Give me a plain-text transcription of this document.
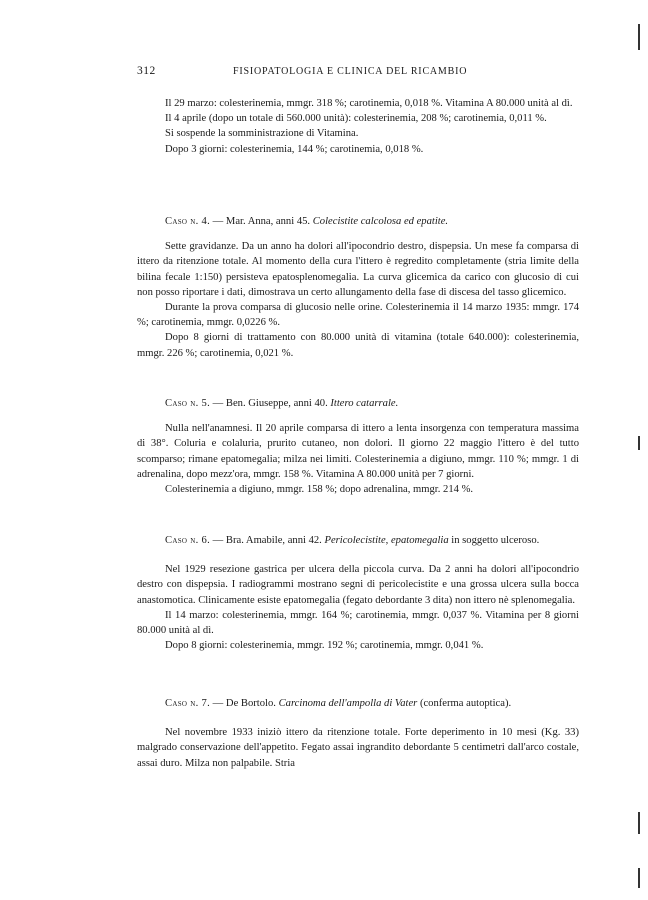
312	FISIOPATOLOGIA E CLINICA DEL RICAMBIO

Il 29 marzo: colesterinemia, mmgr. 318 %; carotinemia, 0,018 %. Vitamina A 80.000 unità al dì.

Il 4 aprile (dopo un totale di 560.000 unità): colesterinemia, 208 %; carotinemia, 0,011 %.

Si sospende la somministrazione di Vitamina.

Dopo 3 giorni: colesterinemia, 144 %; carotinemia, 0,018 %.

Caso n. 4. — Mar. Anna, anni 45. Colecistite calcolosa ed epatite.

Sette gravidanze. Da un anno ha dolori all'ipocondrio destro, dispepsia. Un mese fa comparsa di ittero da ritenzione totale. Al momento della cura l'ittero è regredito completamente (stria limite della bilina fecale 1:150) persisteva epatosplenomegalia. La curva glicemica da carico con glucosio di cui non posso riportare i dati, dimostrava un certo allungamento della fase di discesa del tasso glicemico.

Durante la prova comparsa di glucosio nelle orine. Colesterinemia il 14 marzo 1935: mmgr. 174 %; carotinemia, mmgr. 0,0226 %.

Dopo 8 giorni di trattamento con 80.000 unità di vitamina (totale 640.000): colesterinemia, mmgr. 226 %; carotinemia, 0,021 %.

Caso n. 5. — Ben. Giuseppe, anni 40. Ittero catarrale.

Nulla nell'anamnesi. Il 20 aprile comparsa di ittero a lenta insorgenza con temperatura massima di 38°. Coluria e colaluria, prurito cutaneo, non dolori. Il giorno 22 maggio l'ittero è del tutto scomparso; rimane epatomegalia; milza nei limiti. Colesterinemia a digiuno, mmgr. 110 %; mmgr. 1 di adrenalina, dopo mezz'ora, mmgr. 158 %. Vitamina A 80.000 unità per 7 giorni.

Colesterinemia a digiuno, mmgr. 158 %; dopo adrenalina, mmgr. 214 %.

Caso n. 6. — Bra. Amabile, anni 42. Pericolecistite, epatomegalia in soggetto ulceroso.

Nel 1929 resezione gastrica per ulcera della piccola curva. Da 2 anni ha dolori all'ipocondrio destro con dispepsia. I radiogrammi mostrano segni di pericolecistite e una grossa ulcera sulla bocca anastomotica. Clinicamente esiste epatomegalia (fegato debordante 3 dita) non ittero nè splenomegalia.

Il 14 marzo: colesterinemia, mmgr. 164 %; carotinemia, mmgr. 0,037 %. Vitamina per 8 giorni 80.000 unità al dì.

Dopo 8 giorni: colesterinemia, mmgr. 192 %; carotinemia, mmgr. 0,041 %.

Caso n. 7. — De Bortolo. Carcinoma dell'ampolla di Vater (conferma autoptica).

Nel novembre 1933 iniziò ittero da ritenzione totale. Forte deperimento in 10 mesi (Kg. 33) malgrado conservazione dell'appetito. Fegato assai ingrandito debordante 5 centimetri dall'arco costale, assai duro. Milza non palpabile. Stria
